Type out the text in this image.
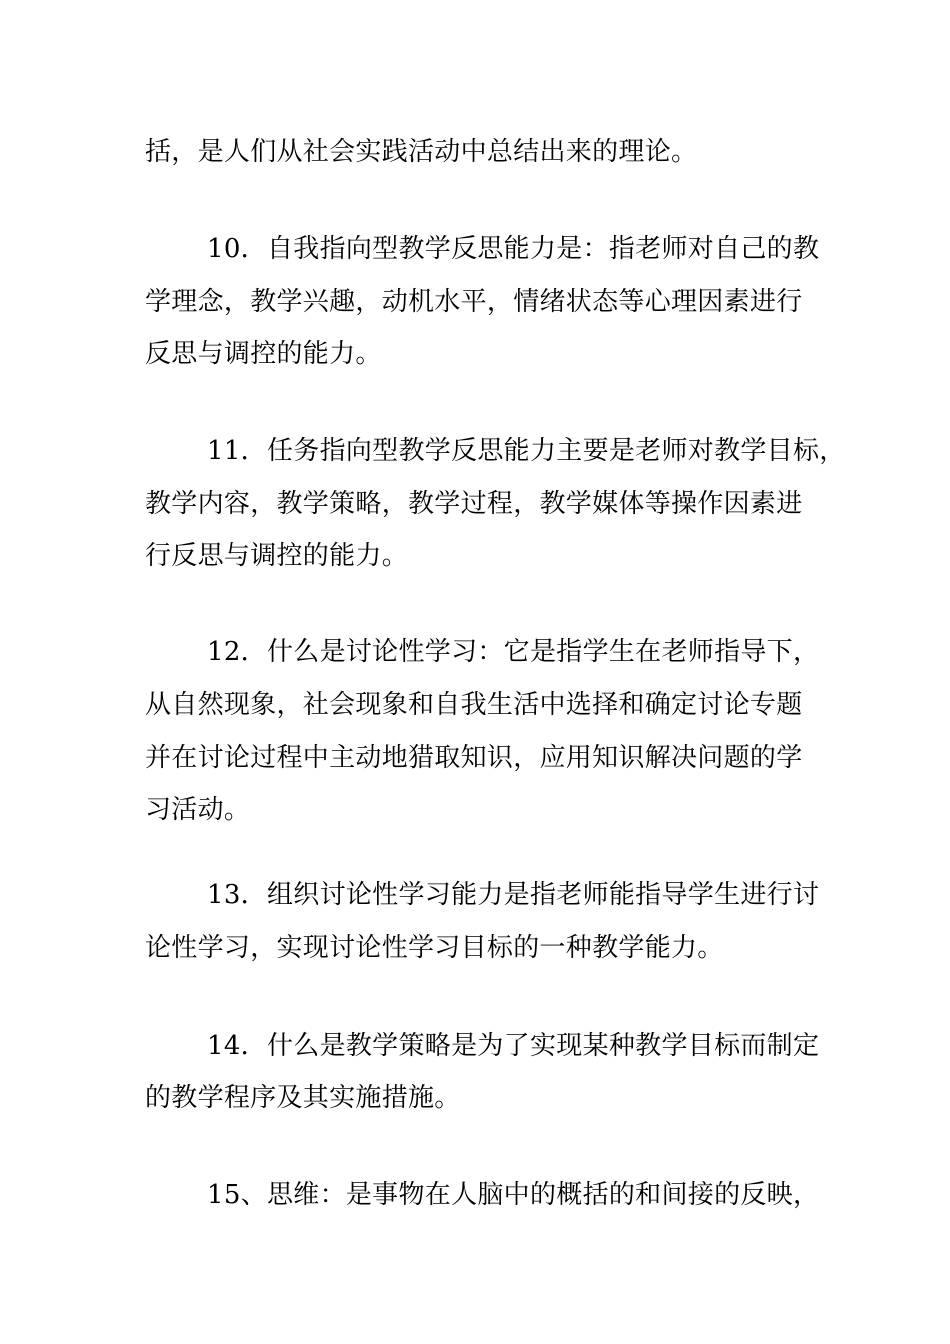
括，是人们从社会实践活动中总结出来的理论。
10．自我指向型教学反思能力是：指老师对自己的教
学理念，教学兴趣，动机水平，情绪状态等心理因素进行
反思与调控的能力。
11．任务指向型教学反思能力主要是老师对教学目标，
教学内容，教学策略，教学过程，教学媒体等操作因素进
行反思与调控的能力。
12．什么是讨论性学习：它是指学生在老师指导下，
从自然现象，社会现象和自我生活中选择和确定讨论专题
并在讨论过程中主动地猎取知识，应用知识解决问题的学
习活动。
13．组织讨论性学习能力是指老师能指导学生进行讨
论性学习，实现讨论性学习目标的一种教学能力。
14．什么是教学策略是为了实现某种教学目标而制定
的教学程序及其实施措施。
15、思维：是事物在人脑中的概括的和间接的反映，
